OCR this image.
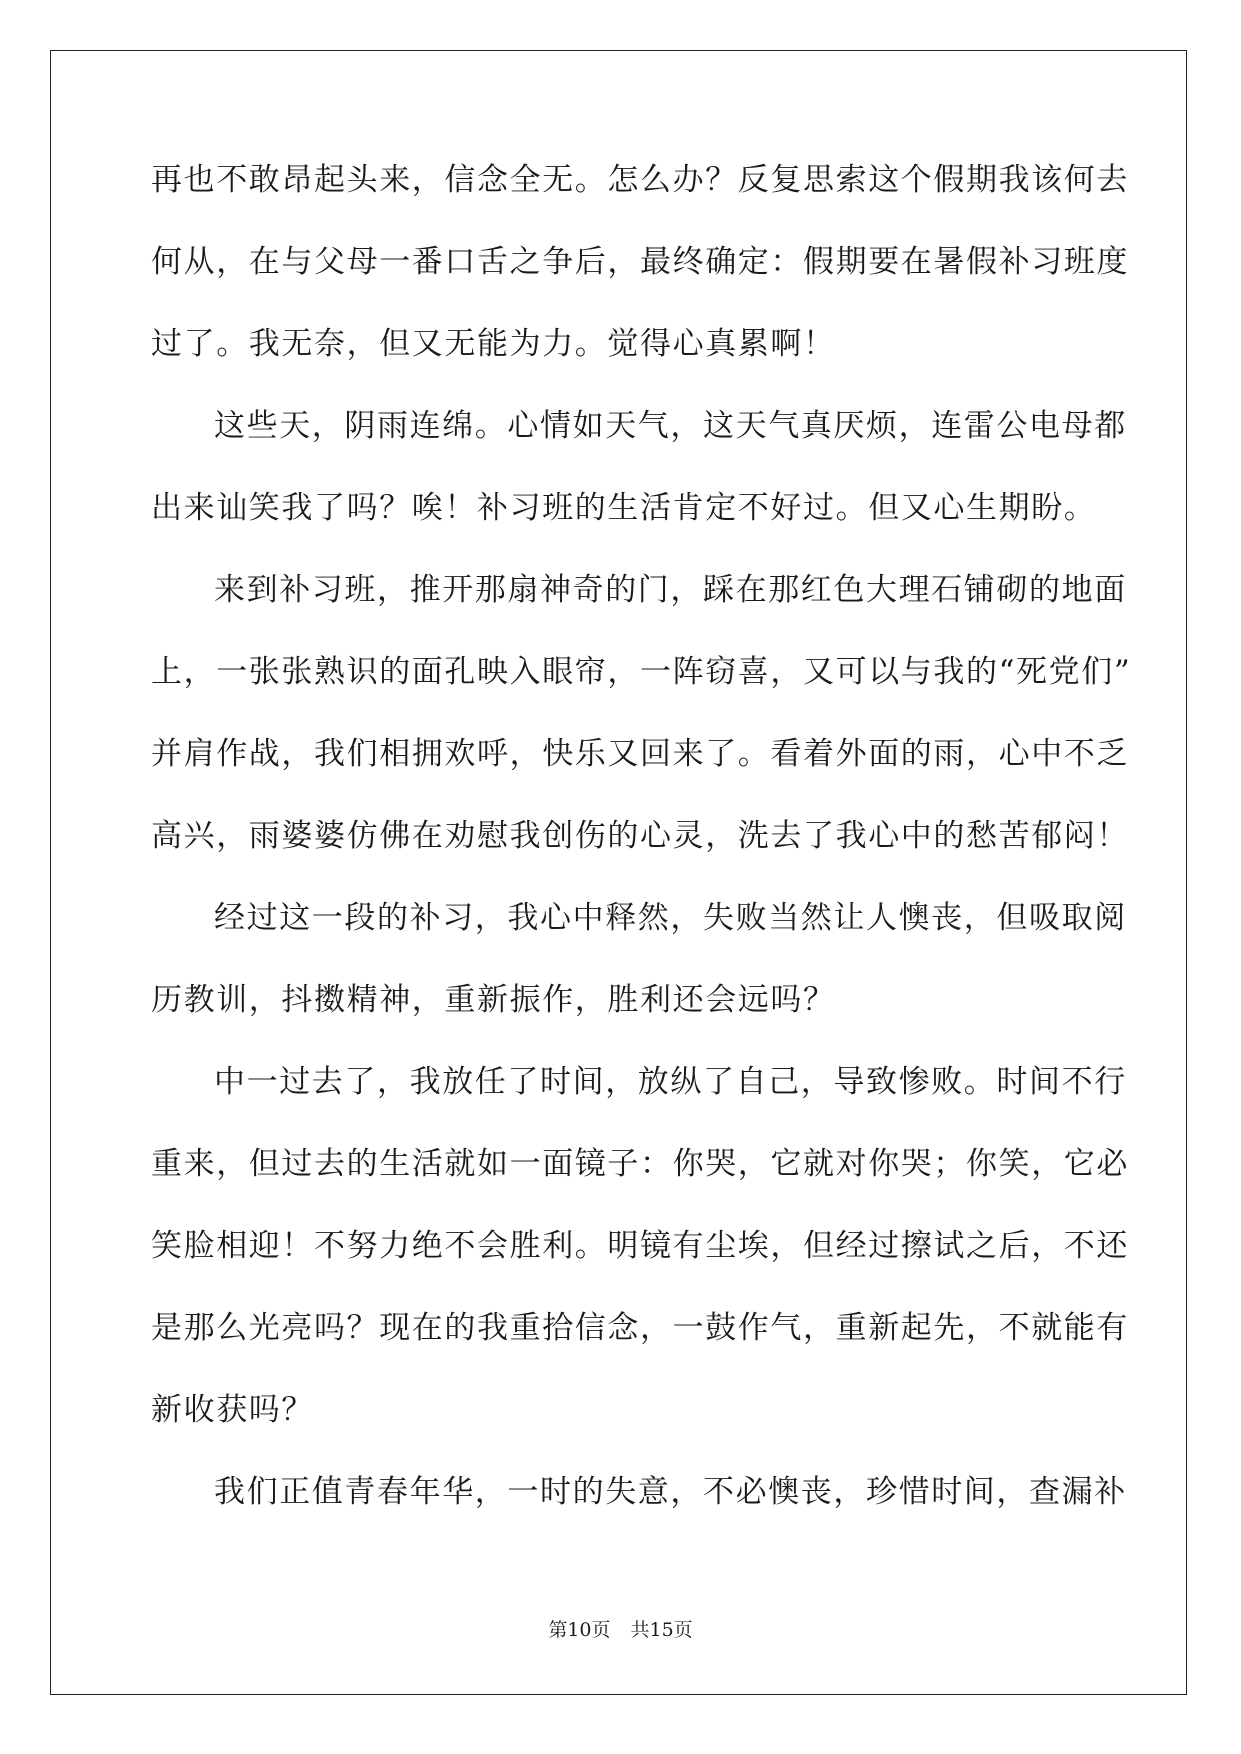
再也不敢昂起头来，信念全无。怎么办？反复思索这个假期我该何去
何从，在与父母一番口舌之争后，最终确定：假期要在暑假补习班度
过了。我无奈，但又无能为力。觉得心真累啊！
这些天，阴雨连绵。心情如天气，这天气真厌烦，连雷公电母都
出来讪笑我了吗？唉！补习班的生活肯定不好过。但又心生期盼。
来到补习班，推开那扇神奇的门，踩在那红色大理石铺砌的地面
上，一张张熟识的面孔映入眼帘，一阵窃喜，又可以与我的“死党们”
并肩作战，我们相拥欢呼，快乐又回来了。看着外面的雨，心中不乏
高兴，雨婆婆仿佛在劝慰我创伤的心灵，洗去了我心中的愁苦郁闷！
经过这一段的补习，我心中释然，失败当然让人懊丧，但吸取阅
历教训，抖擞精神，重新振作，胜利还会远吗？
中一过去了，我放任了时间，放纵了自己，导致惨败。时间不行
重来，但过去的生活就如一面镜子：你哭，它就对你哭；你笑，它必
笑脸相迎！不努力绝不会胜利。明镜有尘埃，但经过擦试之后，不还
是那么光亮吗？现在的我重拾信念，一鼓作气，重新起先，不就能有
新收获吗？
我们正值青春年华，一时的失意，不必懊丧，珍惜时间，查漏补
第10页 共15页
